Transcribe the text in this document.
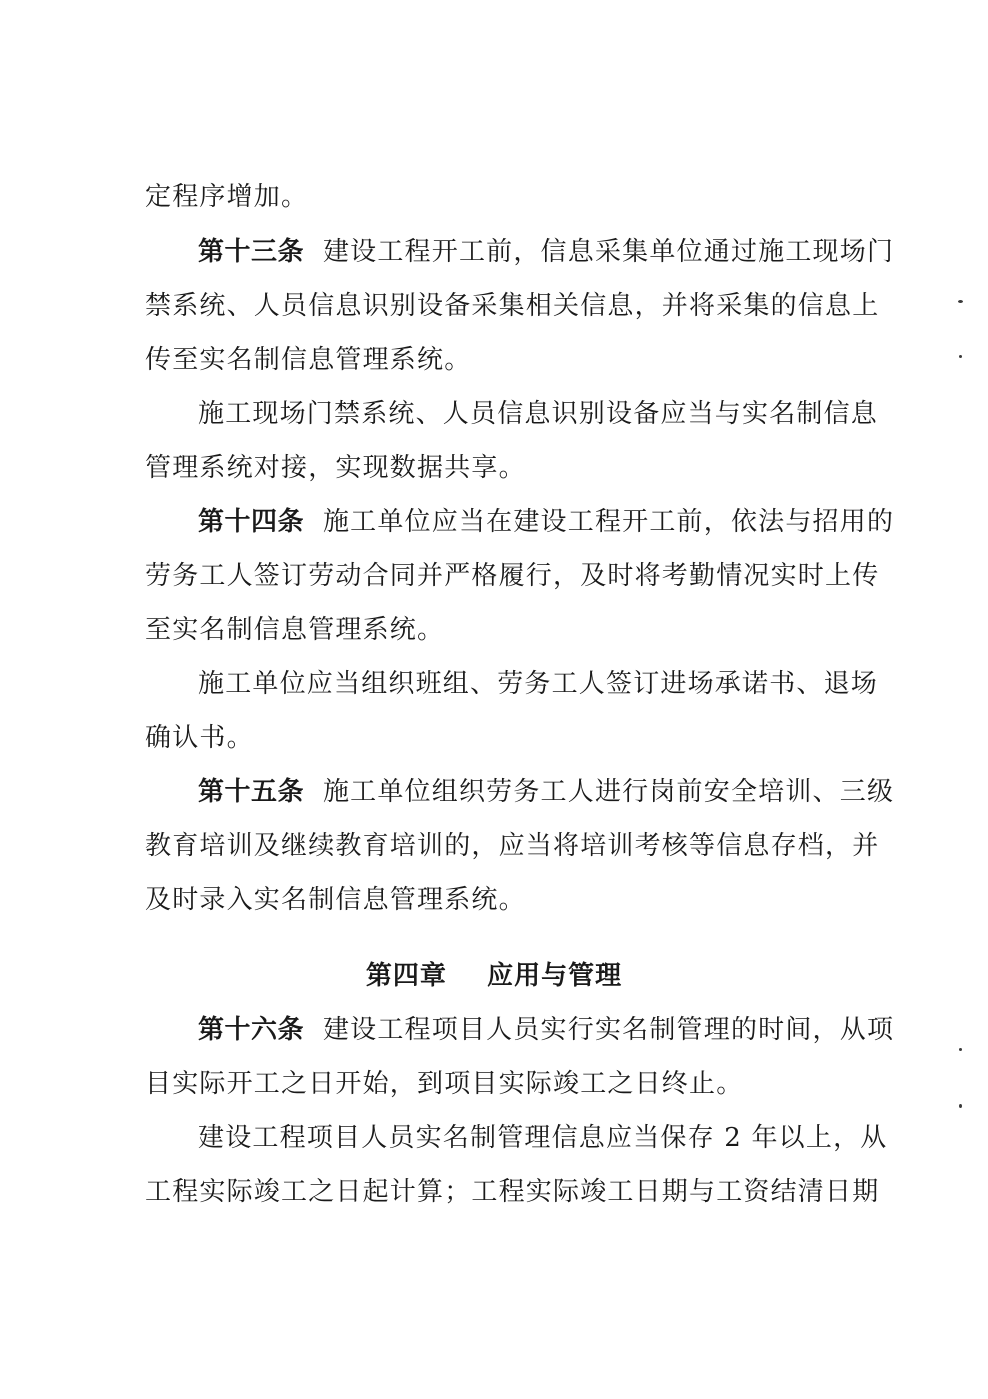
定程序增加。
第十三条 建设工程开工前，信息采集单位通过施工现场门
禁系统、人员信息识别设备采集相关信息，并将采集的信息上
传至实名制信息管理系统。
施工现场门禁系统、人员信息识别设备应当与实名制信息
管理系统对接，实现数据共享。
第十四条 施工单位应当在建设工程开工前，依法与招用的
劳务工人签订劳动合同并严格履行，及时将考勤情况实时上传
至实名制信息管理系统。
施工单位应当组织班组、劳务工人签订进场承诺书、退场
确认书。
第十五条 施工单位组织劳务工人进行岗前安全培训、三级
教育培训及继续教育培训的，应当将培训考核等信息存档，并
及时录入实名制信息管理系统。
第四章    应用与管理
第十六条 建设工程项目人员实行实名制管理的时间，从项
目实际开工之日开始，到项目实际竣工之日终止。
建设工程项目人员实名制管理信息应当保存 2 年以上，从
工程实际竣工之日起计算；工程实际竣工日期与工资结清日期
